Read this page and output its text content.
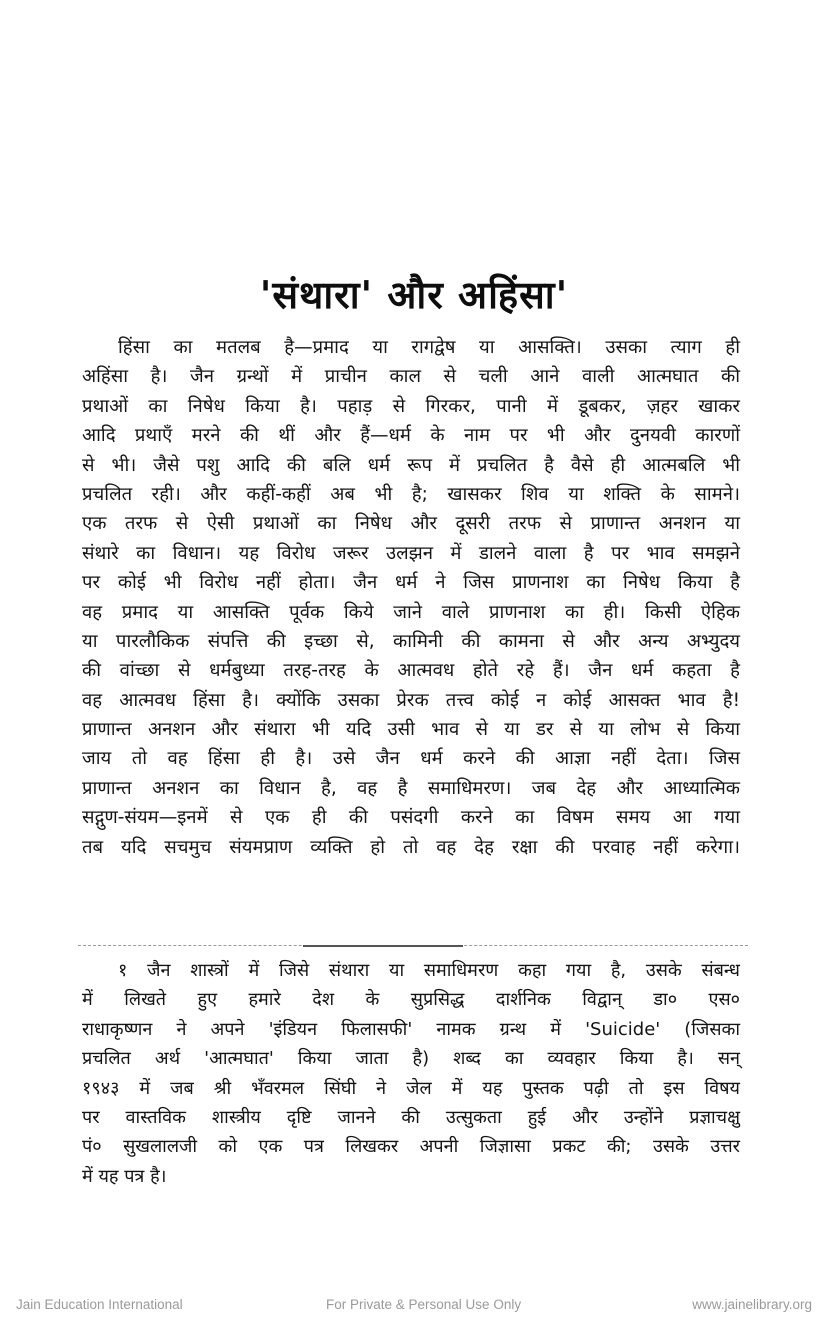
'संथारा' और अहिंसा'
हिंसा का मतलब है—प्रमाद या रागद्वेष या आसक्ति। उसका त्याग ही
अहिंसा है। जैन ग्रन्थों में प्राचीन काल से चली आने वाली आत्मघात की
प्रथाओं का निषेध किया है। पहाड़ से गिरकर, पानी में डूबकर, ज़हर खाकर
आदि प्रथाएँ मरने की थीं और हैं—धर्म के नाम पर भी और दुनयवी कारणों
से भी। जैसे पशु आदि की बलि धर्म रूप में प्रचलित है वैसे ही आत्मबलि भी
प्रचलित रही। और कहीं-कहीं अब भी है; खासकर शिव या शक्ति के सामने।
एक तरफ से ऐसी प्रथाओं का निषेध और दूसरी तरफ से प्राणान्त अनशन या
संथारे का विधान। यह विरोध जरूर उलझन में डालने वाला है पर भाव समझने
पर कोई भी विरोध नहीं होता। जैन धर्म ने जिस प्राणनाश का निषेध किया है
वह प्रमाद या आसक्ति पूर्वक किये जाने वाले प्राणनाश का ही। किसी ऐहिक
या पारलौकिक संपत्ति की इच्छा से, कामिनी की कामना से और अन्य अभ्युदय
की वांच्छा से धर्मबुध्या तरह-तरह के आत्मवध होते रहे हैं। जैन धर्म कहता है
वह आत्मवध हिंसा है। क्योंकि उसका प्रेरक तत्त्व कोई न कोई आसक्त भाव है!
प्राणान्त अनशन और संथारा भी यदि उसी भाव से या डर से या लोभ से किया
जाय तो वह हिंसा ही है। उसे जैन धर्म करने की आज्ञा नहीं देता। जिस
प्राणान्त अनशन का विधान है, वह है समाधिमरण। जब देह और आध्यात्मिक
सद्गुण-संयम—इनमें से एक ही की पसंदगी करने का विषम समय आ गया
तब यदि सचमुच संयमप्राण व्यक्ति हो तो वह देह रक्षा की परवाह नहीं करेगा।
१ जैन शास्त्रों में जिसे संथारा या समाधिमरण कहा गया है, उसके संबन्ध
में लिखते हुए हमारे देश के सुप्रसिद्ध दार्शनिक विद्वान् डा० एस०
राधाकृष्णन ने अपने 'इंडियन फिलासफी' नामक ग्रन्थ में 'Suicide' (जिसका
प्रचलित अर्थ 'आत्मघात' किया जाता है) शब्द का व्यवहार किया है। सन्
१९४३ में जब श्री भँवरमल सिंघी ने जेल में यह पुस्तक पढ़ी तो इस विषय
पर वास्तविक शास्त्रीय दृष्टि जानने की उत्सुकता हुई और उन्होंने प्रज्ञाचक्षु
पं० सुखलालजी को एक पत्र लिखकर अपनी जिज्ञासा प्रकट की; उसके उत्तर
में यह पत्र है।
Jain Education International	For Private & Personal Use Only	www.jainelibrary.org
